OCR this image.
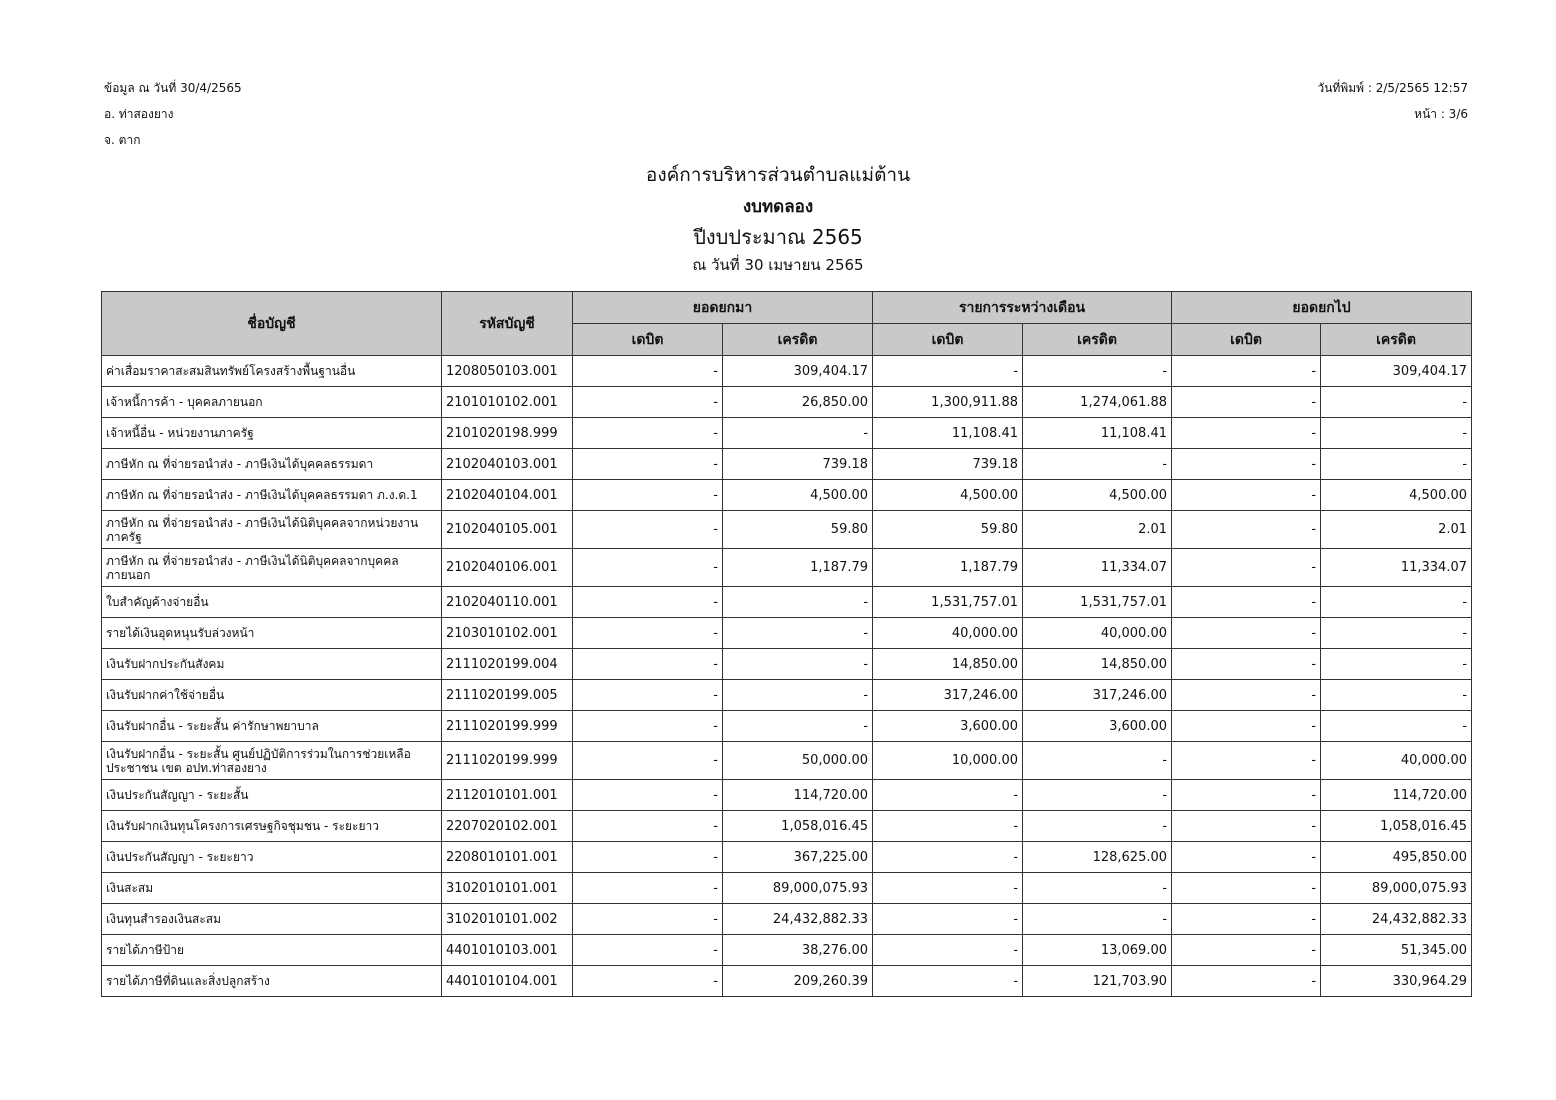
ข้อมูล ณ วันที่ 30/4/2565
อ. ท่าสองยาง
จ. ตาก
วันที่พิมพ์ : 2/5/2565 12:57
หน้า : 3/6
องค์การบริหารส่วนตำบลแม่ต้าน
งบทดลอง
ปีงบประมาณ 2565
ณ วันที่ 30 เมษายน 2565
ชื่อบัญชี	รหัสบัญชี	ยอดยกมา		รายการระหว่างเดือน		ยอดยกไป	
		เดบิต	เครดิต	เดบิต	เครดิต	เดบิต	เครดิต
ค่าเสื่อมราคาสะสมสินทรัพย์โครงสร้างพื้นฐานอื่น	1208050103.001	-	309,404.17	-	-	-	309,404.17
เจ้าหนี้การค้า - บุคคลภายนอก	2101010102.001	-	26,850.00	1,300,911.88	1,274,061.88	-	-
เจ้าหนี้อื่น - หน่วยงานภาครัฐ	2101020198.999	-	-	11,108.41	11,108.41	-	-
ภาษีหัก ณ ที่จ่ายรอนำส่ง - ภาษีเงินได้บุคคลธรรมดา	2102040103.001	-	739.18	739.18	-	-	-
ภาษีหัก ณ ที่จ่ายรอนำส่ง - ภาษีเงินได้บุคคลธรรมดา ภ.ง.ด.1	2102040104.001	-	4,500.00	4,500.00	4,500.00	-	4,500.00
ภาษีหัก ณ ที่จ่ายรอนำส่ง - ภาษีเงินได้นิติบุคคลจากหน่วยงานภาครัฐ	2102040105.001	-	59.80	59.80	2.01	-	2.01
ภาษีหัก ณ ที่จ่ายรอนำส่ง - ภาษีเงินได้นิติบุคคลจากบุคคลภายนอก	2102040106.001	-	1,187.79	1,187.79	11,334.07	-	11,334.07
ใบสำคัญค้างจ่ายอื่น	2102040110.001	-	-	1,531,757.01	1,531,757.01	-	-
รายได้เงินอุดหนุนรับล่วงหน้า	2103010102.001	-	-	40,000.00	40,000.00	-	-
เงินรับฝากประกันสังคม	2111020199.004	-	-	14,850.00	14,850.00	-	-
เงินรับฝากค่าใช้จ่ายอื่น	2111020199.005	-	-	317,246.00	317,246.00	-	-
เงินรับฝากอื่น - ระยะสั้น ค่ารักษาพยาบาล	2111020199.999	-	-	3,600.00	3,600.00	-	-
เงินรับฝากอื่น - ระยะสั้น ศูนย์ปฏิบัติการร่วมในการช่วยเหลือประชาชน เขต อปท.ท่าสองยาง	2111020199.999	-	50,000.00	10,000.00	-	-	40,000.00
เงินประกันสัญญา - ระยะสั้น	2112010101.001	-	114,720.00	-	-	-	114,720.00
เงินรับฝากเงินทุนโครงการเศรษฐกิจชุมชน - ระยะยาว	2207020102.001	-	1,058,016.45	-	-	-	1,058,016.45
เงินประกันสัญญา - ระยะยาว	2208010101.001	-	367,225.00	-	128,625.00	-	495,850.00
เงินสะสม	3102010101.001	-	89,000,075.93	-	-	-	89,000,075.93
เงินทุนสำรองเงินสะสม	3102010101.002	-	24,432,882.33	-	-	-	24,432,882.33
รายได้ภาษีป้าย	4401010103.001	-	38,276.00	-	13,069.00	-	51,345.00
รายได้ภาษีที่ดินและสิ่งปลูกสร้าง	4401010104.001	-	209,260.39	-	121,703.90	-	330,964.29
